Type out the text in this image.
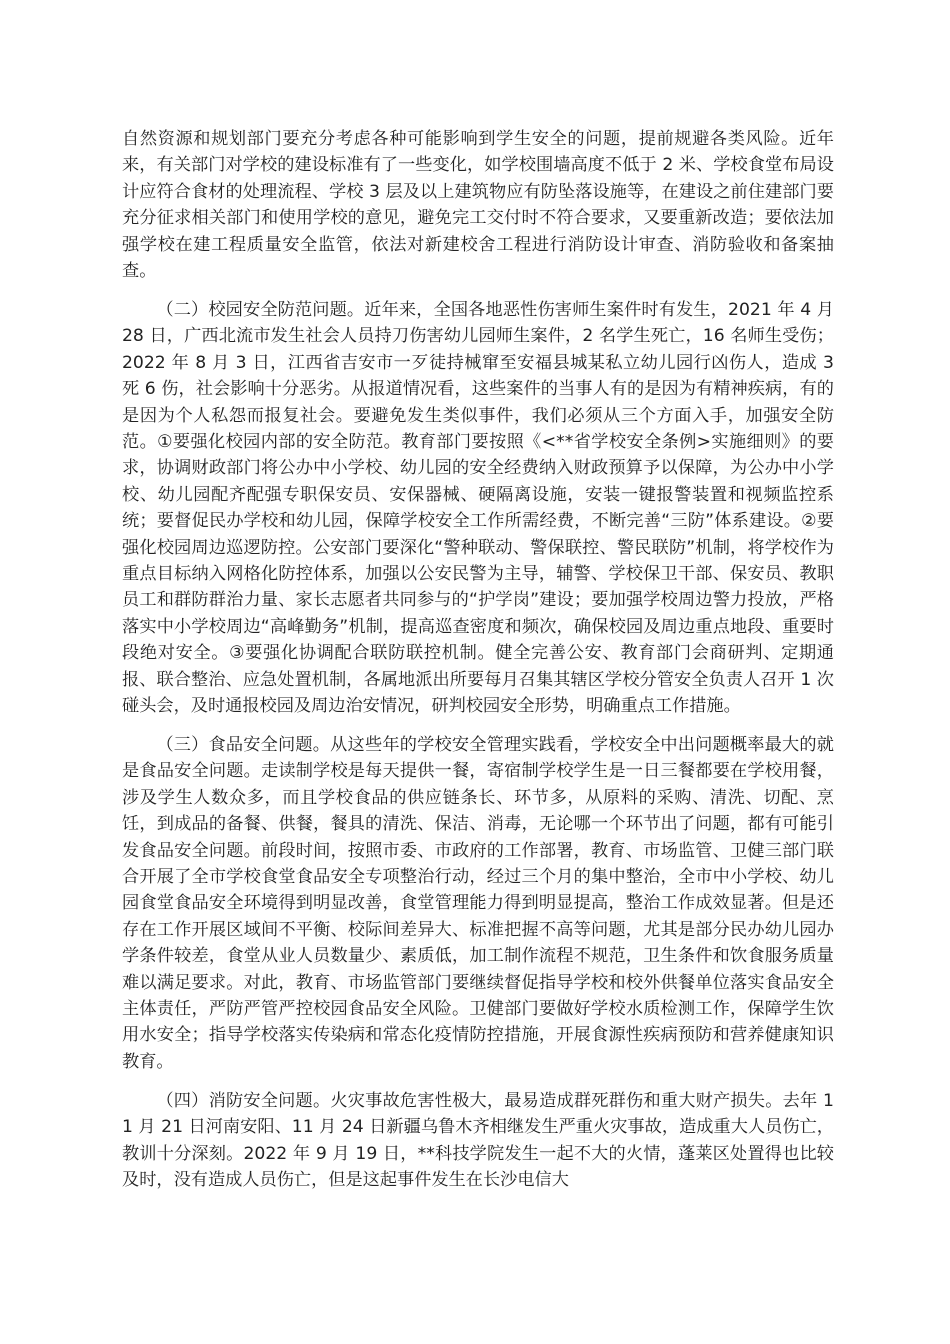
自然资源和规划部门要充分考虑各种可能影响到学生安全的问题，提前规避各类风险。近年来，有关部门对学校的建设标准有了一些变化，如学校围墙高度不低于 2 米、学校食堂布局设计应符合食材的处理流程、学校 3 层及以上建筑物应有防坠落设施等，在建设之前住建部门要充分征求相关部门和使用学校的意见，避免完工交付时不符合要求，又要重新改造；要依法加强学校在建工程质量安全监管，依法对新建校舍工程进行消防设计审查、消防验收和备案抽查。

（二）校园安全防范问题。近年来，全国各地恶性伤害师生案件时有发生，2021 年 4 月 28 日，广西北流市发生社会人员持刀伤害幼儿园师生案件，2 名学生死亡，16 名师生受伤；2022 年 8 月 3 日，江西省吉安市一歹徒持械窜至安福县城某私立幼儿园行凶伤人，造成 3 死 6 伤，社会影响十分恶劣。从报道情况看，这些案件的当事人有的是因为有精神疾病，有的是因为个人私怨而报复社会。要避免发生类似事件，我们必须从三个方面入手，加强安全防范。①要强化校园内部的安全防范。教育部门要按照《<**省学校安全条例>实施细则》的要求，协调财政部门将公办中小学校、幼儿园的安全经费纳入财政预算予以保障，为公办中小学校、幼儿园配齐配强专职保安员、安保器械、硬隔离设施，安装一键报警装置和视频监控系统；要督促民办学校和幼儿园，保障学校安全工作所需经费，不断完善“三防”体系建设。②要强化校园周边巡逻防控。公安部门要深化“警种联动、警保联控、警民联防”机制，将学校作为重点目标纳入网格化防控体系，加强以公安民警为主导，辅警、学校保卫干部、保安员、教职员工和群防群治力量、家长志愿者共同参与的“护学岗”建设；要加强学校周边警力投放，严格落实中小学校周边“高峰勤务”机制，提高巡查密度和频次，确保校园及周边重点地段、重要时段绝对安全。③要强化协调配合联防联控机制。健全完善公安、教育部门会商研判、定期通报、联合整治、应急处置机制，各属地派出所要每月召集其辖区学校分管安全负责人召开 1 次碰头会，及时通报校园及周边治安情况，研判校园安全形势，明确重点工作措施。

（三）食品安全问题。从这些年的学校安全管理实践看，学校安全中出问题概率最大的就是食品安全问题。走读制学校是每天提供一餐，寄宿制学校学生是一日三餐都要在学校用餐，涉及学生人数众多，而且学校食品的供应链条长、环节多，从原料的采购、清洗、切配、烹饪，到成品的备餐、供餐，餐具的清洗、保洁、消毒，无论哪一个环节出了问题，都有可能引发食品安全问题。前段时间，按照市委、市政府的工作部署，教育、市场监管、卫健三部门联合开展了全市学校食堂食品安全专项整治行动，经过三个月的集中整治，全市中小学校、幼儿园食堂食品安全环境得到明显改善，食堂管理能力得到明显提高，整治工作成效显著。但是还存在工作开展区域间不平衡、校际间差异大、标准把握不高等问题，尤其是部分民办幼儿园办学条件较差，食堂从业人员数量少、素质低，加工制作流程不规范，卫生条件和饮食服务质量难以满足要求。对此，教育、市场监管部门要继续督促指导学校和校外供餐单位落实食品安全主体责任，严防严管严控校园食品安全风险。卫健部门要做好学校水质检测工作，保障学生饮用水安全；指导学校落实传染病和常态化疫情防控措施，开展食源性疾病预防和营养健康知识教育。

（四）消防安全问题。火灾事故危害性极大，最易造成群死群伤和重大财产损失。去年 11 月 21 日河南安阳、11 月 24 日新疆乌鲁木齐相继发生严重火灾事故，造成重大人员伤亡，教训十分深刻。2022 年 9 月 19 日，**科技学院发生一起不大的火情，蓬莱区处置得也比较及时，没有造成人员伤亡，但是这起事件发生在长沙电信大
